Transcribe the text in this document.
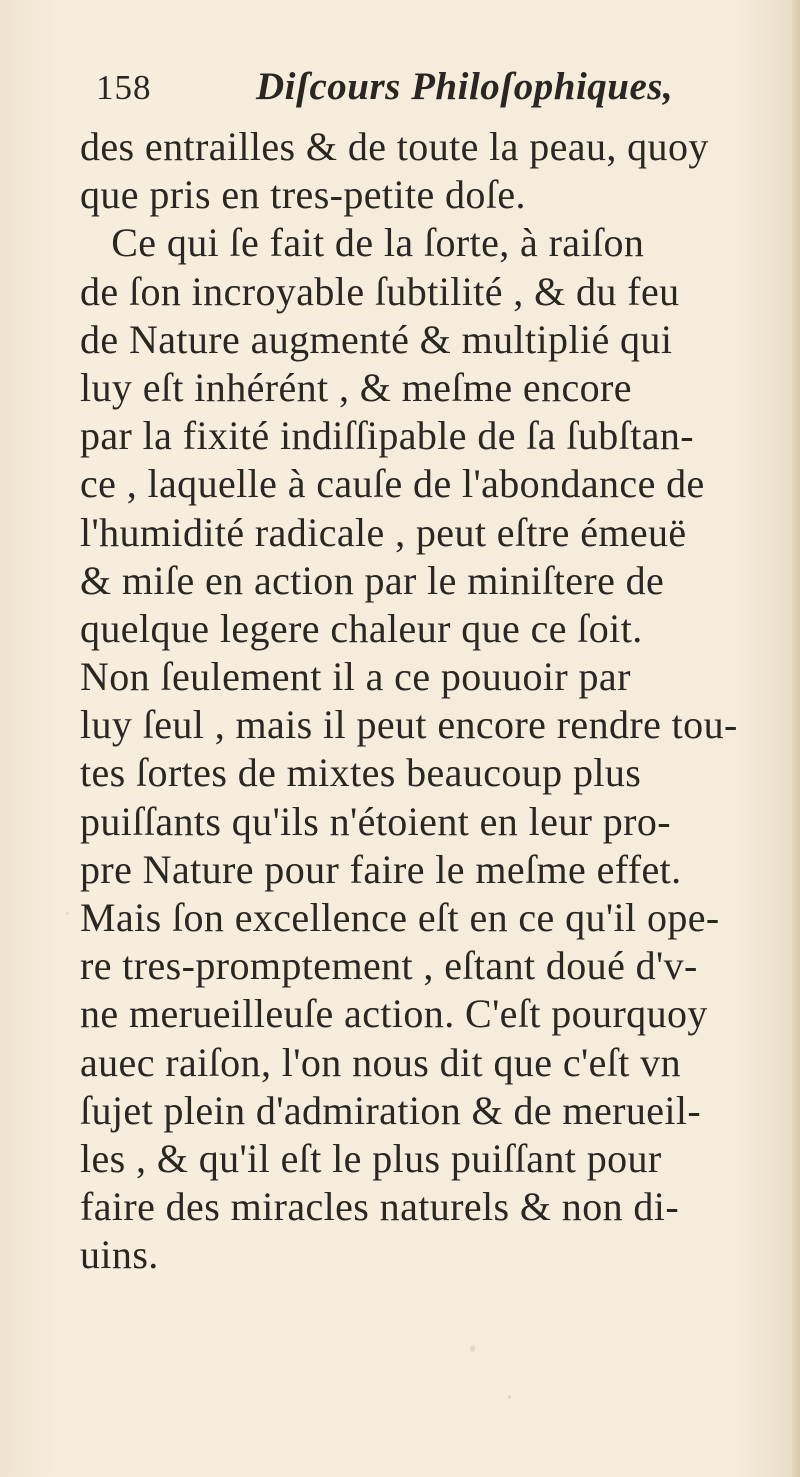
158	Diſcours Philoſophiques,
des entrailles & de toute la peau, quoy
que pris en tres-petite doſe.
Ce qui ſe fait de la ſorte, à raiſon
de ſon incroyable ſubtilité , & du feu
de Nature augmenté & multiplié qui
luy eſt inhérént , & meſme encore
par la fixité indiſſipable de ſa ſubſtan-
ce , laquelle à cauſe de l'abondance de
l'humidité radicale , peut eſtre émeuë
& miſe en action par le miniſtere de
quelque legere chaleur que ce ſoit.
Non ſeulement il a ce pouuoir par
luy ſeul , mais il peut encore rendre tou-
tes ſortes de mixtes beaucoup plus
puiſſants qu'ils n'étoient en leur pro-
pre Nature pour faire le meſme effet.
Mais ſon excellence eſt en ce qu'il ope-
re tres-promptement , eſtant doué d'v-
ne merueilleuſe action. C'eſt pourquoy
auec raiſon, l'on nous dit que c'eſt vn
ſujet plein d'admiration & de merueil-
les , & qu'il eſt le plus puiſſant pour
faire des miracles naturels & non di-
uins.
